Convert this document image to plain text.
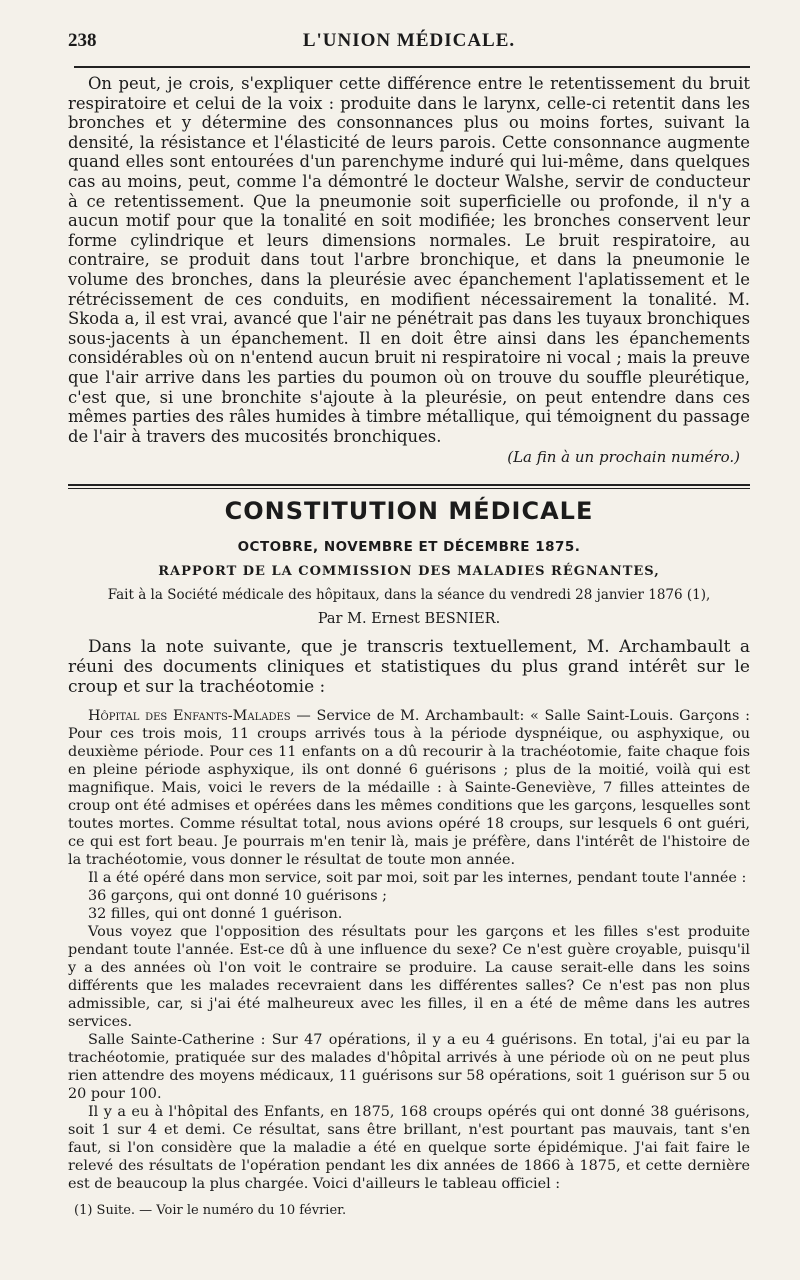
238	L'UNION MÉDICALE.

On peut, je crois, s'expliquer cette différence entre le retentissement du bruit respiratoire et celui de la voix : produite dans le larynx, celle-ci retentit dans les bronches et y détermine des consonnances plus ou moins fortes, suivant la densité, la résistance et l'élasticité de leurs parois. Cette consonnance augmente quand elles sont entourées d'un parenchyme induré qui lui-même, dans quelques cas au moins, peut, comme l'a démontré le docteur Walshe, servir de conducteur à ce retentissement. Que la pneumonie soit superficielle ou profonde, il n'y a aucun motif pour que la tonalité en soit modifiée; les bronches conservent leur forme cylindrique et leurs dimensions normales. Le bruit respiratoire, au contraire, se produit dans tout l'arbre bronchique, et dans la pneumonie le volume des bronches, dans la pleurésie avec épanchement l'aplatissement et le rétrécissement de ces conduits, en modifient nécessairement la tonalité. M. Skoda a, il est vrai, avancé que l'air ne pénétrait pas dans les tuyaux bronchiques sous-jacents à un épanchement. Il en doit être ainsi dans les épanchements considérables où on n'entend aucun bruit ni respiratoire ni vocal ; mais la preuve que l'air arrive dans les parties du poumon où on trouve du souffle pleurétique, c'est que, si une bronchite s'ajoute à la pleurésie, on peut entendre dans ces mêmes parties des râles humides à timbre métallique, qui témoignent du passage de l'air à travers des mucosités bronchiques.

(La fin à un prochain numéro.)
CONSTITUTION MÉDICALE
OCTOBRE, NOVEMBRE ET DÉCEMBRE 1875.
RAPPORT DE LA COMMISSION DES MALADIES RÉGNANTES,
Fait à la Société médicale des hôpitaux, dans la séance du vendredi 28 janvier 1876 (1),
Par M. Ernest BESNIER.

Dans la note suivante, que je transcris textuellement, M. Archambault a réuni des documents cliniques et statistiques du plus grand intérêt sur le croup et sur la trachéotomie :

Hôpital des Enfants-Malades — Service de M. Archambault: « Salle Saint-Louis. Garçons : Pour ces trois mois, 11 croups arrivés tous à la période dyspnéique, ou asphyxique, ou deuxième période. Pour ces 11 enfants on a dû recourir à la trachéotomie, faite chaque fois en pleine période asphyxique, ils ont donné 6 guérisons ; plus de la moitié, voilà qui est magnifique. Mais, voici le revers de la médaille : à Sainte-Geneviève, 7 filles atteintes de croup ont été admises et opérées dans les mêmes conditions que les garçons, lesquelles sont toutes mortes. Comme résultat total, nous avions opéré 18 croups, sur lesquels 6 ont guéri, ce qui est fort beau. Je pourrais m'en tenir là, mais je préfère, dans l'intérêt de l'histoire de la trachéotomie, vous donner le résultat de toute mon année.

Il a été opéré dans mon service, soit par moi, soit par les internes, pendant toute l'année :

36 garçons, qui ont donné 10 guérisons ;

32 filles, qui ont donné 1 guérison.

Vous voyez que l'opposition des résultats pour les garçons et les filles s'est produite pendant toute l'année. Est-ce dû à une influence du sexe? Ce n'est guère croyable, puisqu'il y a des années où l'on voit le contraire se produire. La cause serait-elle dans les soins différents que les malades recevraient dans les différentes salles? Ce n'est pas non plus admissible, car, si j'ai été malheureux avec les filles, il en a été de même dans les autres services.

Salle Sainte-Catherine : Sur 47 opérations, il y a eu 4 guérisons. En total, j'ai eu par la trachéotomie, pratiquée sur des malades d'hôpital arrivés à une période où on ne peut plus rien attendre des moyens médicaux, 11 guérisons sur 58 opérations, soit 1 guérison sur 5 ou 20 pour 100.

Il y a eu à l'hôpital des Enfants, en 1875, 168 croups opérés qui ont donné 38 guérisons, soit 1 sur 4 et demi. Ce résultat, sans être brillant, n'est pourtant pas mauvais, tant s'en faut, si l'on considère que la maladie a été en quelque sorte épidémique. J'ai fait faire le relevé des résultats de l'opération pendant les dix années de 1866 à 1875, et cette dernière est de beaucoup la plus chargée. Voici d'ailleurs le tableau officiel :

(1) Suite. — Voir le numéro du 10 février.
